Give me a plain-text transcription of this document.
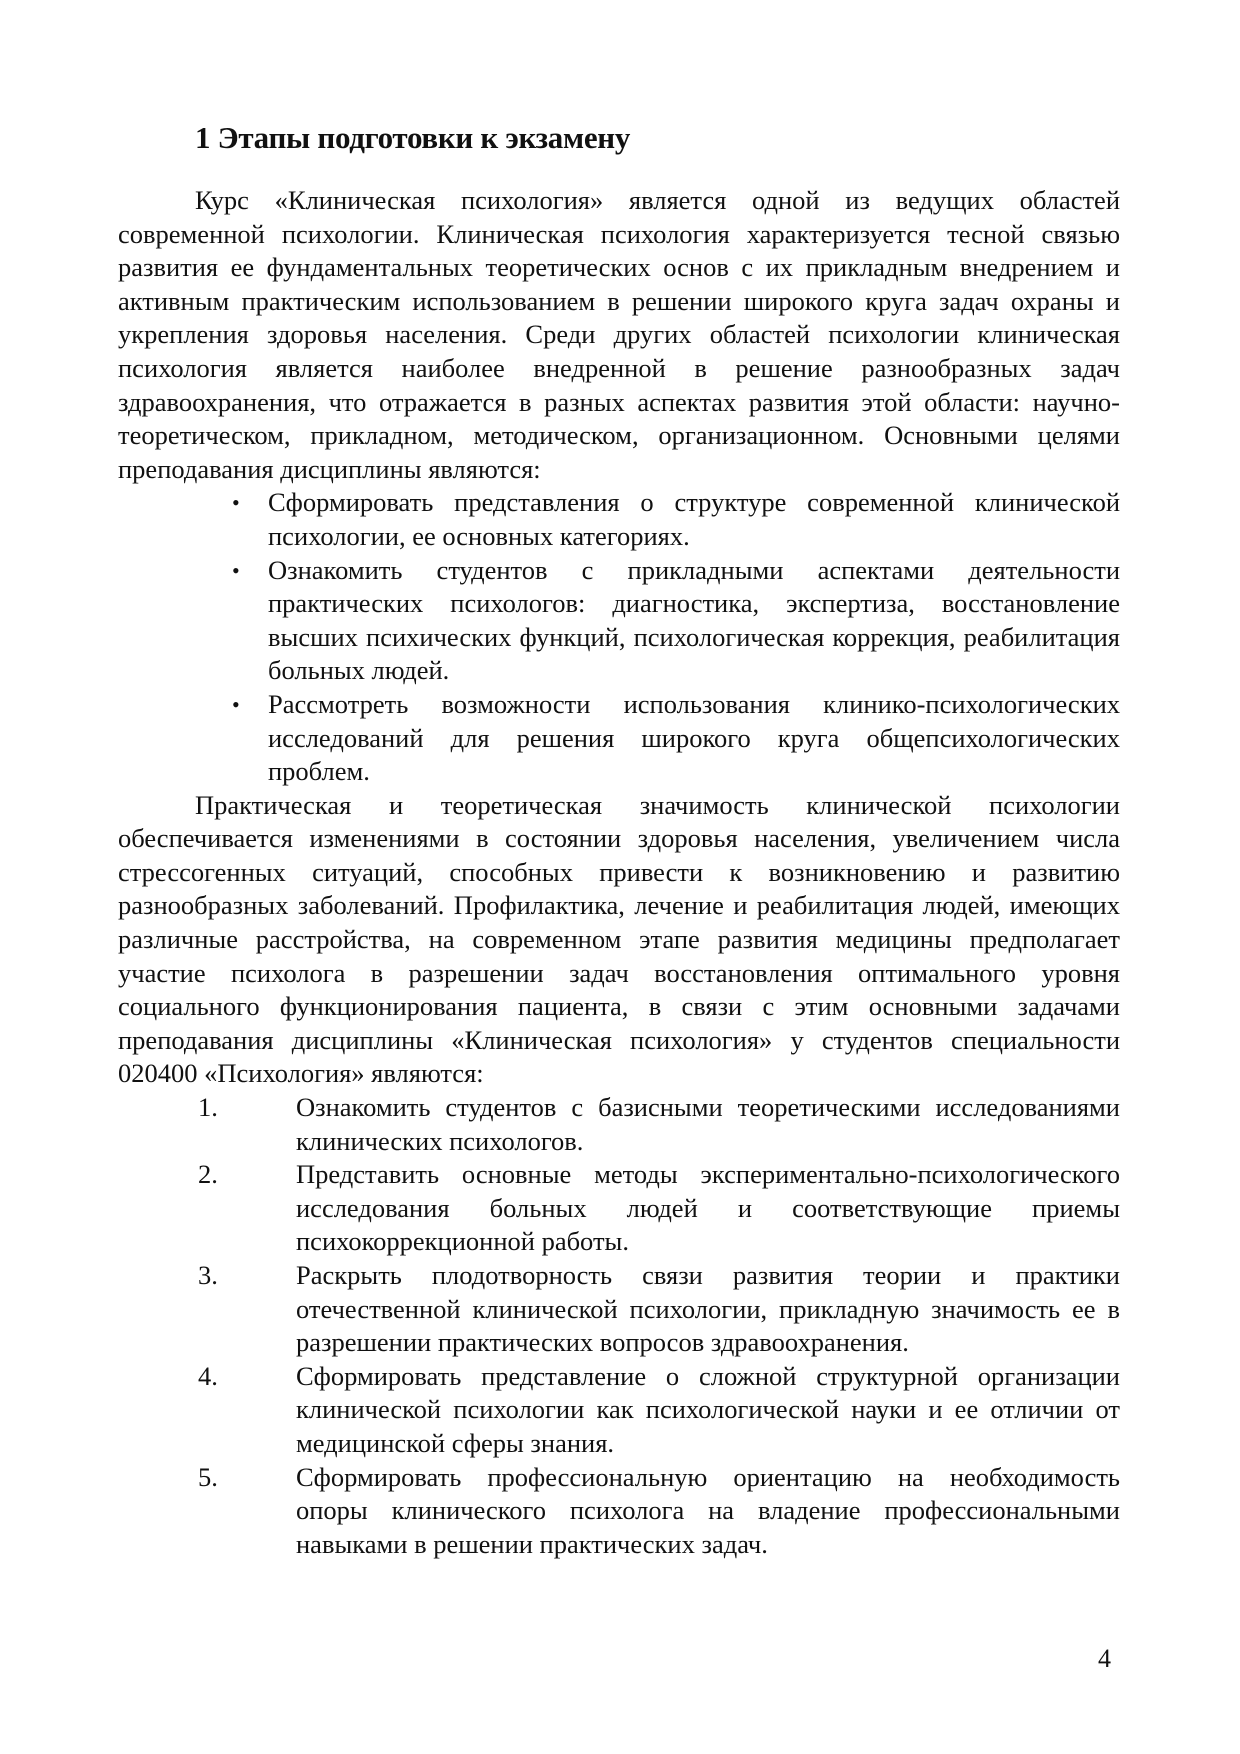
1 Этапы подготовки к экзамену

Курс «Клиническая психология» является одной из ведущих областей современной психологии. Клиническая психология характеризуется тесной связью развития ее фундаментальных теоретических основ с их прикладным внедрением и активным практическим использованием в решении широкого круга задач охраны и укрепления здоровья населения. Среди других областей психологии клиническая психология является наиболее внедренной в решение разнообразных задач здравоохранения, что отражается в разных аспектах развития этой области: научно-теоретическом, прикладном, методическом, организационном. Основными целями преподавания дисциплины являются:

• Сформировать представления о структуре современной клинической психологии, ее основных категориях.
• Ознакомить студентов с прикладными аспектами деятельности практических психологов: диагностика, экспертиза, восстановление высших психических функций, психологическая коррекция, реабилитация больных людей.
• Рассмотреть возможности использования клинико-психологических исследований для решения широкого круга общепсихологических проблем.

Практическая и теоретическая значимость клинической психологии обеспечивается изменениями в состоянии здоровья населения, увеличением числа стрессогенных ситуаций, способных привести к возникновению и развитию разнообразных заболеваний. Профилактика, лечение и реабилитация людей, имеющих различные расстройства, на современном этапе развития медицины предполагает участие психолога в разрешении задач восстановления оптимального уровня социального функционирования пациента, в связи с этим основными задачами преподавания дисциплины «Клиническая психология» у студентов специальности 020400 «Психология» являются:

1.	Ознакомить студентов с базисными теоретическими исследованиями клинических психологов.
2.	Представить основные методы экспериментально-психологического исследования больных людей и соответствующие приемы психокоррекционной работы.
3.	Раскрыть плодотворность связи развития теории и практики отечественной клинической психологии, прикладную значимость ее в разрешении практических вопросов здравоохранения.
4.	Сформировать представление о сложной структурной организации клинической психологии как психологической науки и ее отличии от медицинской сферы знания.
5.	Сформировать профессиональную ориентацию на необходимость опоры клинического психолога на владение профессиональными навыками в решении практических задач.
4
